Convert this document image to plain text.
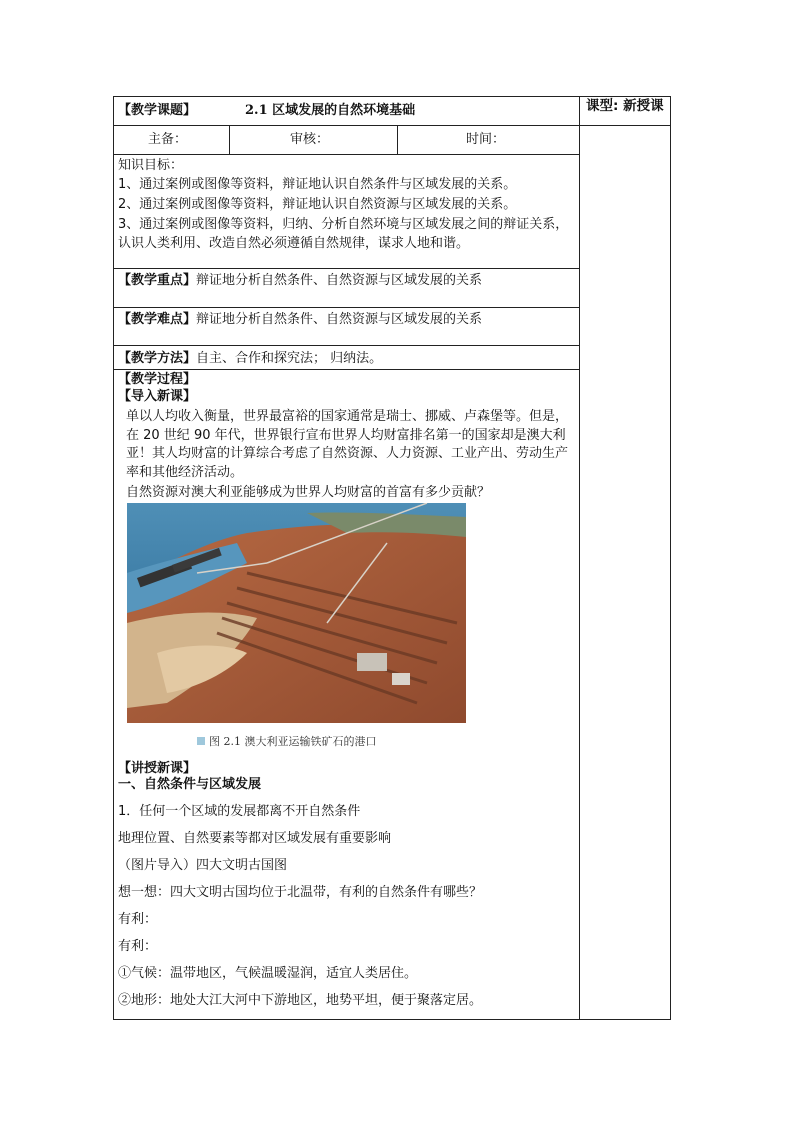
【教学课题】	2.1 区域发展的自然环境基础	课型: 新授课
主备：	审核：	时间：
知识目标：
1、通过案例或图像等资料，辩证地认识自然条件与区域发展的关系。
2、通过案例或图像等资料，辩证地认识自然资源与区域发展的关系。
3、通过案例或图像等资料，归纳、分析自然环境与区域发展之间的辩证关系，认识人类利用、改造自然必须遵循自然规律，谋求人地和谐。
【教学重点】辩证地分析自然条件、自然资源与区域发展的关系
【教学难点】辩证地分析自然条件、自然资源与区域发展的关系
【教学方法】自主、合作和探究法； 归纳法。
【教学过程】
【导入新课】
单以人均收入衡量，世界最富裕的国家通常是瑞士、挪威、卢森堡等。但是，在 20 世纪 90 年代，世界银行宣布世界人均财富排名第一的国家却是澳大利亚！其人均财富的计算综合考虑了自然资源、人力资源、工业产出、劳动生产率和其他经济活动。
自然资源对澳大利亚能够成为世界人均财富的首富有多少贡献？
图 2.1 澳大利亚运输铁矿石的港口
【讲授新课】
一、自然条件与区域发展
1．任何一个区域的发展都离不开自然条件
地理位置、自然要素等都对区域发展有重要影响
（图片导入）四大文明古国图
想一想：四大文明古国均位于北温带，有利的自然条件有哪些？
有利：
有利：
①气候：温带地区，气候温暖湿润，适宜人类居住。
②地形：地处大江大河中下游地区，地势平坦，便于聚落定居。
